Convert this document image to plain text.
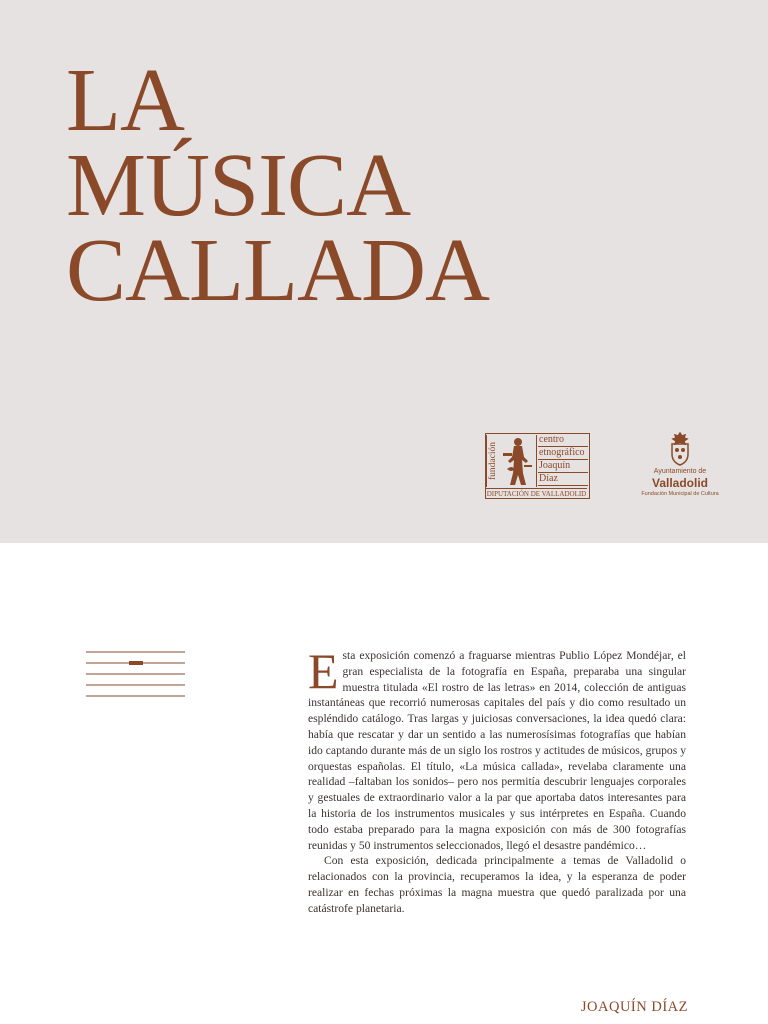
LA
MÚSICA
CALLADA
fundación
centro
etnográfico
Joaquín
Díaz
DIPUTACIÓN DE VALLADOLID
Ayuntamiento de
Valladolid
Fundación Municipal de Cultura

Esta exposición comenzó a fraguarse mientras Publio López Mondéjar, el gran especialista de la fotografía en España, preparaba una singular muestra titulada «El rostro de las letras» en 2014, colección de antiguas instantáneas que recorrió numerosas capitales del país y dio como resultado un espléndido catálogo. Tras largas y juiciosas conversaciones, la idea quedó clara: había que rescatar y dar un sentido a las numerosísimas fotografías que habían ido captando durante más de un siglo los rostros y actitudes de músicos, grupos y orquestas españolas. El título, «La música callada», revelaba claramente una realidad –faltaban los sonidos– pero nos permitía descubrir lenguajes corporales y gestuales de extraordinario valor a la par que aportaba datos interesantes para la historia de los instrumentos musicales y sus intérpretes en España. Cuando todo estaba preparado para la magna exposición con más de 300 fotografías reunidas y 50 instrumentos seleccionados, llegó el desastre pandémico…

Con esta exposición, dedicada principalmente a temas de Valladolid o relacionados con la provincia, recuperamos la idea, y la esperanza de poder realizar en fechas próximas la magna muestra que quedó paralizada por una catástrofe planetaria.

JOAQUÍN DÍAZ
